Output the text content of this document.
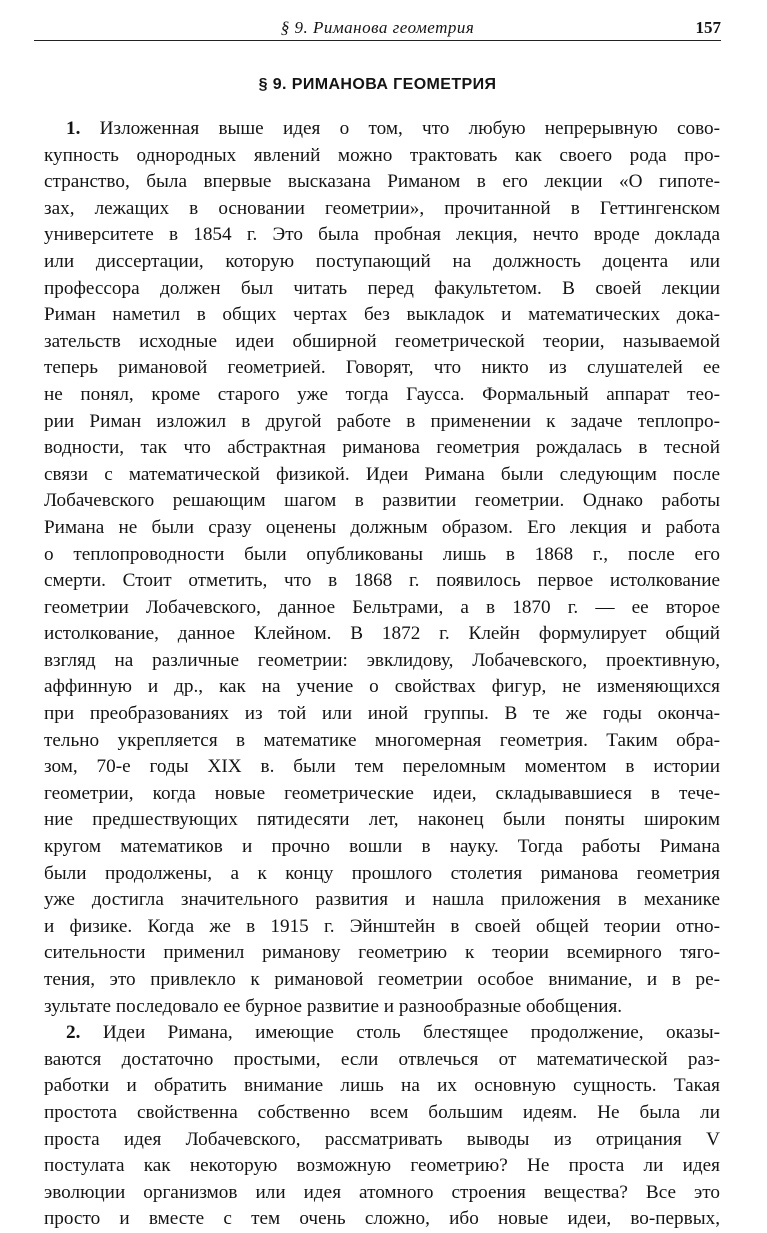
§ 9. Риманова геометрия	157
§ 9. РИМАНОВА ГЕОМЕТРИЯ
1. Изложенная выше идея о том, что любую непрерывную сово-
купность однородных явлений можно трактовать как своего рода про-
странство, была впервые высказана Риманом в его лекции «О гипоте-
зах, лежащих в основании геометрии», прочитанной в Геттингенском
университете в 1854 г. Это была пробная лекция, нечто вроде доклада
или диссертации, которую поступающий на должность доцента или
профессора должен был читать перед факультетом. В своей лекции
Риман наметил в общих чертах без выкладок и математических дока-
зательств исходные идеи обширной геометрической теории, называемой
теперь римановой геометрией. Говорят, что никто из слушателей ее
не понял, кроме старого уже тогда Гаусса. Формальный аппарат тео-
рии Риман изложил в другой работе в применении к задаче теплопро-
водности, так что абстрактная риманова геометрия рождалась в тесной
связи с математической физикой. Идеи Римана были следующим после
Лобачевского решающим шагом в развитии геометрии. Однако работы
Римана не были сразу оценены должным образом. Его лекция и работа
о теплопроводности были опубликованы лишь в 1868 г., после его
смерти. Стоит отметить, что в 1868 г. появилось первое истолкование
геометрии Лобачевского, данное Бельтрами, а в 1870 г. — ее второе
истолкование, данное Клейном. В 1872 г. Клейн формулирует общий
взгляд на различные геометрии: эвклидову, Лобачевского, проективную,
аффинную и др., как на учение о свойствах фигур, не изменяющихся
при преобразованиях из той или иной группы. В те же годы оконча-
тельно укрепляется в математике многомерная геометрия. Таким обра-
зом, 70-е годы XIX в. были тем переломным моментом в истории
геометрии, когда новые геометрические идеи, складывавшиеся в тече-
ние предшествующих пятидесяти лет, наконец были поняты широким
кругом математиков и прочно вошли в науку. Тогда работы Римана
были продолжены, а к концу прошлого столетия риманова геометрия
уже достигла значительного развития и нашла приложения в механике
и физике. Когда же в 1915 г. Эйнштейн в своей общей теории отно-
сительности применил риманову геометрию к теории всемирного тяго-
тения, это привлекло к римановой геометрии особое внимание, и в ре-
зультате последовало ее бурное развитие и разнообразные обобщения.
2. Идеи Римана, имеющие столь блестящее продолжение, оказы-
ваются достаточно простыми, если отвлечься от математической раз-
работки и обратить внимание лишь на их основную сущность. Такая
простота свойственна собственно всем большим идеям. Не была ли
проста идея Лобачевского, рассматривать выводы из отрицания V
постулата как некоторую возможную геометрию? Не проста ли идея
эволюции организмов или идея атомного строения вещества? Все это
просто и вместе с тем очень сложно, ибо новые идеи, во-первых,
